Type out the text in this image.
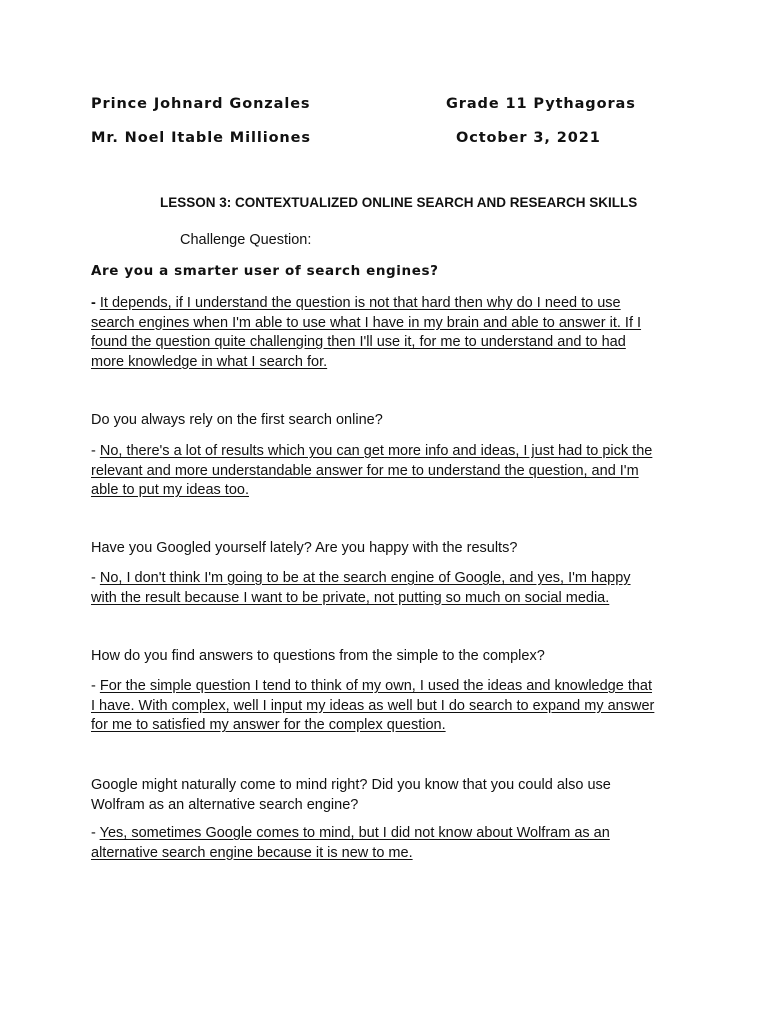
Prince Johnard Gonzales	Grade 11 Pythagoras
Mr. Noel Itable Milliones	October 3, 2021
LESSON 3: CONTEXTUALIZED ONLINE SEARCH AND RESEARCH SKILLS
Challenge Question:
Are you a smarter user of search engines?
- It depends, if I understand the question is not that hard then why do I need to use
search engines when I'm able to use what I have in my brain and able to answer it. If I
found the question quite challenging then I'll use it, for me to understand and to had
more knowledge in what I search for.
Do you always rely on the first search online?
- No, there's a lot of results which you can get more info and ideas, I just had to pick the
relevant and more understandable answer for me to understand the question, and I'm
able to put my ideas too.
Have you Googled yourself lately? Are you happy with the results?
- No, I don't think I'm going to be at the search engine of Google, and yes, I'm happy
with the result because I want to be private, not putting so much on social media.
How do you find answers to questions from the simple to the complex?
- For the simple question I tend to think of my own, I used the ideas and knowledge that
I have. With complex, well I input my ideas as well but I do search to expand my answer
for me to satisfied my answer for the complex question.
Google might naturally come to mind right? Did you know that you could also use
Wolfram as an alternative search engine?
- Yes, sometimes Google comes to mind, but I did not know about Wolfram as an
alternative search engine because it is new to me.
